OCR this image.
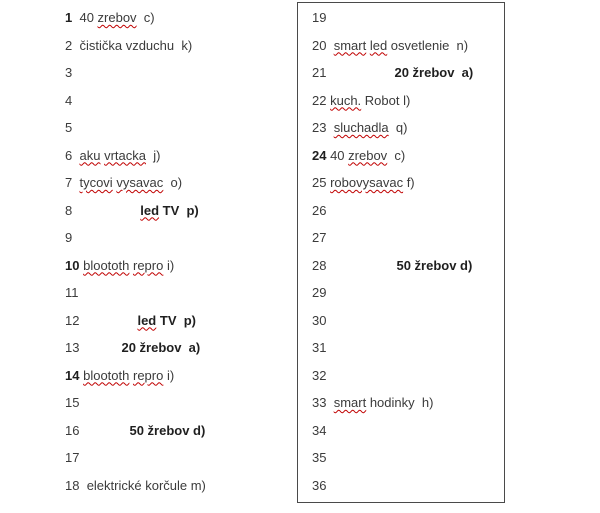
1  40 zrebov  c)
2  čistička vzduchu  k)
3
4
5
6 aku vrtacka  j)
7 tycovi vysavac  o)
8	led TV  p)
9
10 bloototh repro i)
11
12	led TV  p)
13	20 žrebov  a)
14 bloototh repro i)
15
16	50 žrebov d)
17
18  elektrické korčule m)
19
20 smart led osvetlenie  n)
21	20 žrebov  a)
22 kuch. Robot l)
23 sluchadla  q)
24 40 zrebov  c)
25 robovysavac f)
26
27
28	50 žrebov d)
29
30
31
32
33 smart hodinky  h)
34
35
36
